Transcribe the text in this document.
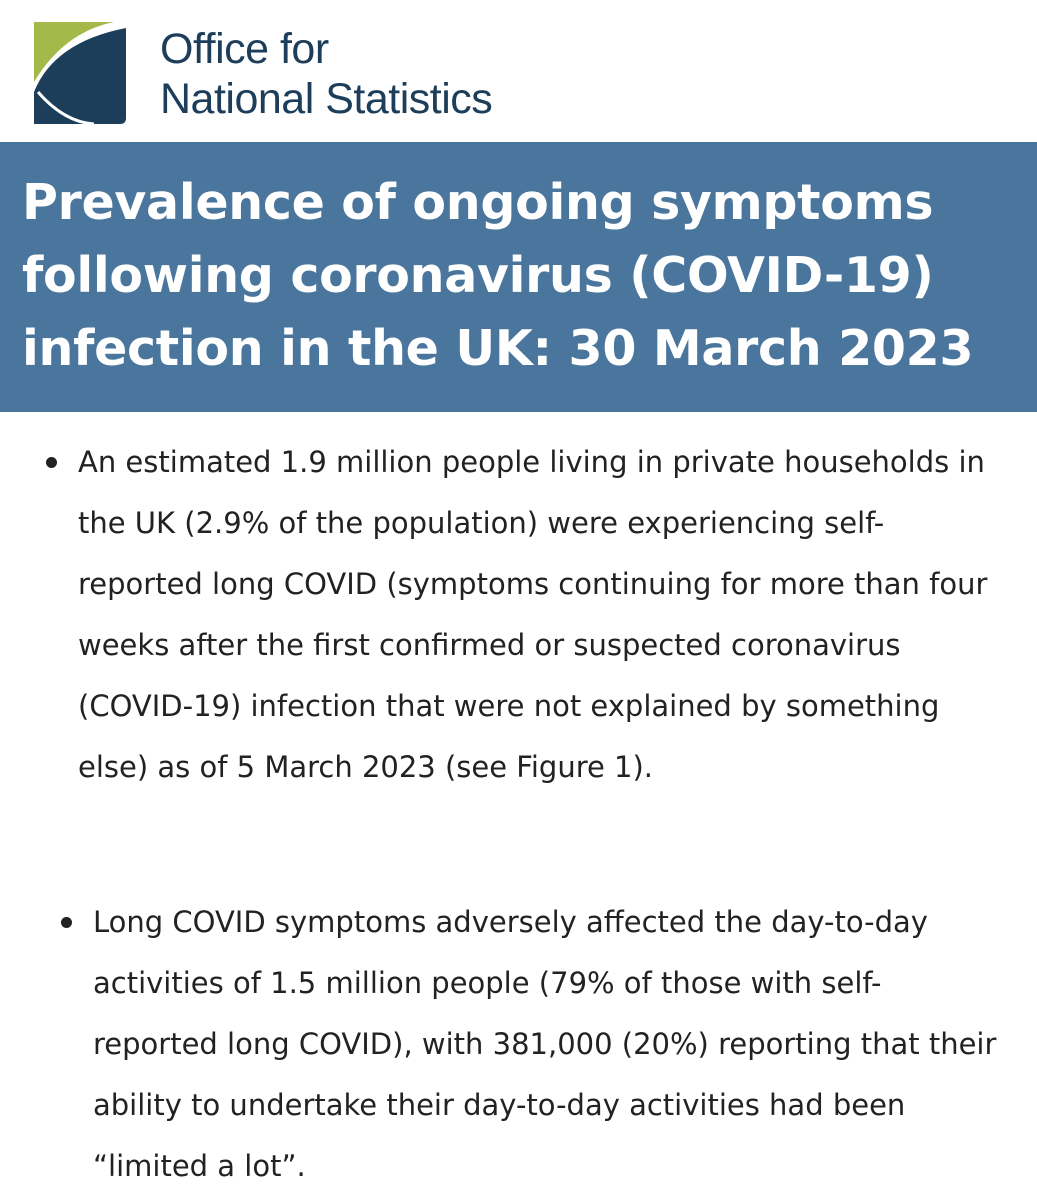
Office for
National Statistics
Prevalence of ongoing symptoms following coronavirus (COVID-19) infection in the UK: 30 March 2023
An estimated 1.9 million people living in private households in the UK (2.9% of the population) were experiencing self-reported long COVID (symptoms continuing for more than four weeks after the first confirmed or suspected coronavirus (COVID-19) infection that were not explained by something else) as of 5 March 2023 (see Figure 1).
Long COVID symptoms adversely affected the day-to-day activities of 1.5 million people (79% of those with self-reported long COVID), with 381,000 (20%) reporting that their ability to undertake their day-to-day activities had been “limited a lot”.
